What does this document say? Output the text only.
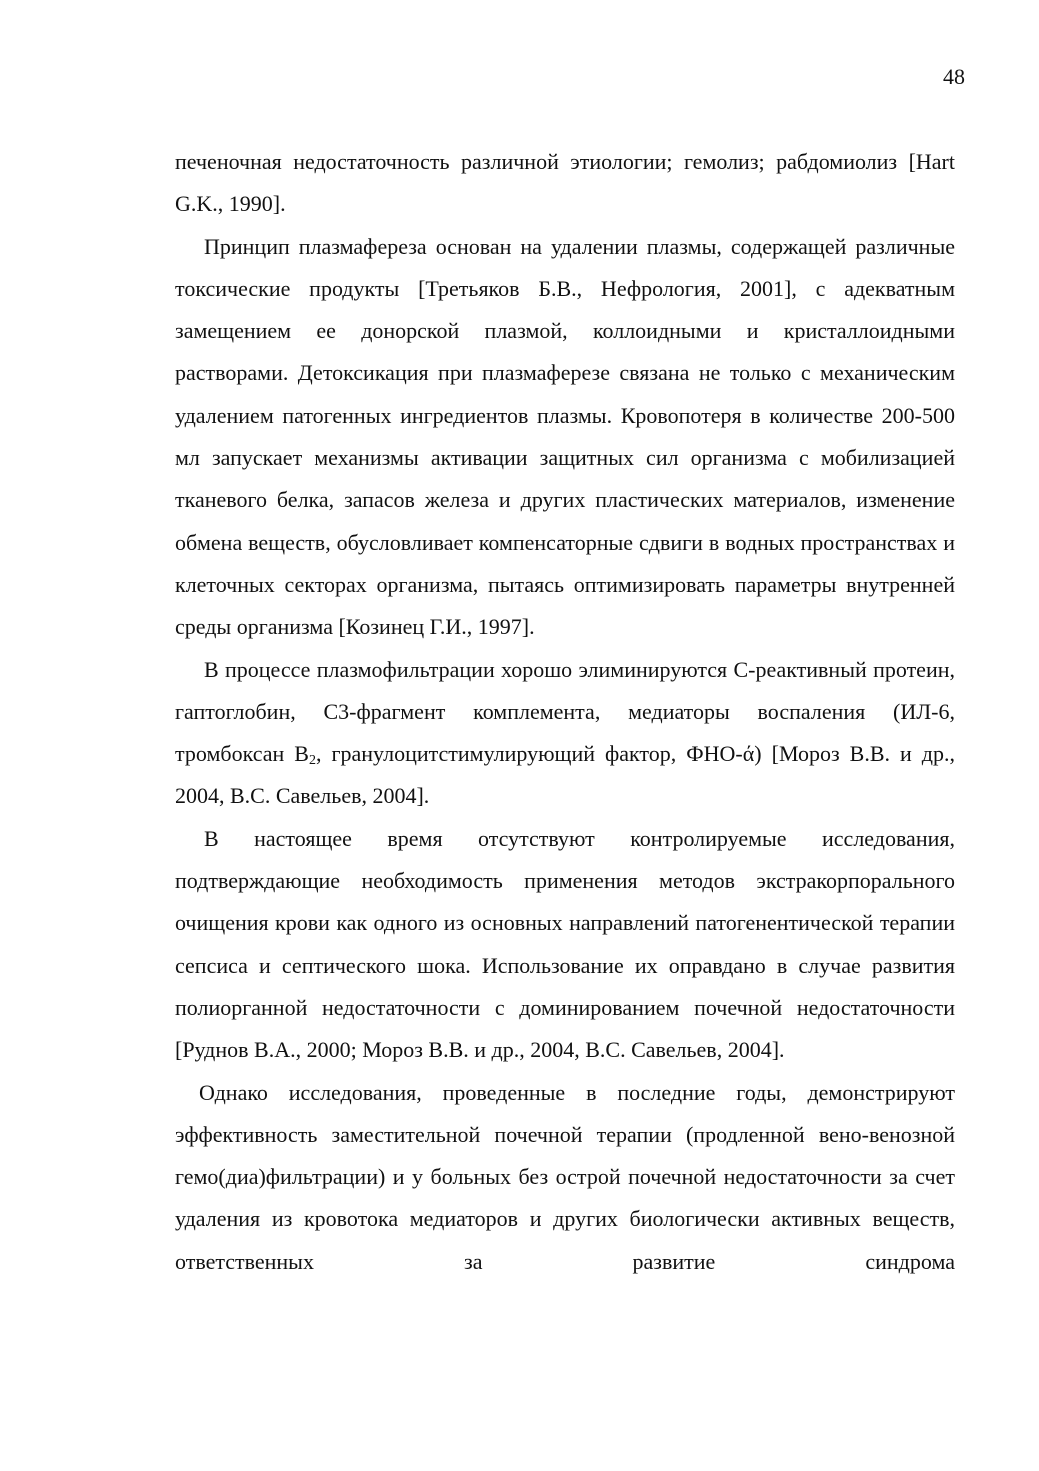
48

печеночная недостаточность различной этиологии; гемолиз; рабдомиолиз [Hart G.K., 1990].

Принцип плазмафереза основан на удалении плазмы, содержащей различные токсические продукты [Третьяков Б.В., Нефрология, 2001], с адекватным замещением ее донорской плазмой, коллоидными и кристаллоидными растворами. Детоксикация при плазмаферезе связана не только с механическим удалением патогенных ингредиентов плазмы. Кровопотеря в количестве 200-500 мл запускает механизмы активации защитных сил организма с мобилизацией тканевого белка, запасов железа и других пластических материалов, изменение обмена веществ, обусловливает компенсаторные сдвиги в водных пространствах и клеточных секторах организма, пытаясь оптимизировать параметры внутренней среды организма [Козинец Г.И., 1997].

В процессе плазмофильтрации хорошо элиминируются С-реактивный протеин, гаптоглобин, С3-фрагмент комплемента, медиаторы воспаления (ИЛ-6, тромбоксан $В_2$, гранулоцитстимулирующий фактор, ФНО-ά) [Мороз В.В. и др., 2004, В.С. Савельев, 2004].

В настоящее время отсутствуют контролируемые исследования, подтверждающие необходимость применения методов экстракорпорального очищения крови как одного из основных направлений патогенентической терапии сепсиса и септического шока. Использование их оправдано в случае развития полиорганной недостаточности с доминированием почечной недостаточности [Руднов В.А., 2000; Мороз В.В. и др., 2004, В.С. Савельев, 2004].

Однако исследования, проведенные в последние годы, демонстрируют эффективность заместительной почечной терапии (продленной вено-венозной гемо(диа)фильтрации) и у больных без острой почечной недостаточности за счет удаления из кровотока медиаторов и других биологически активных веществ, ответственных за развитие синдрома
